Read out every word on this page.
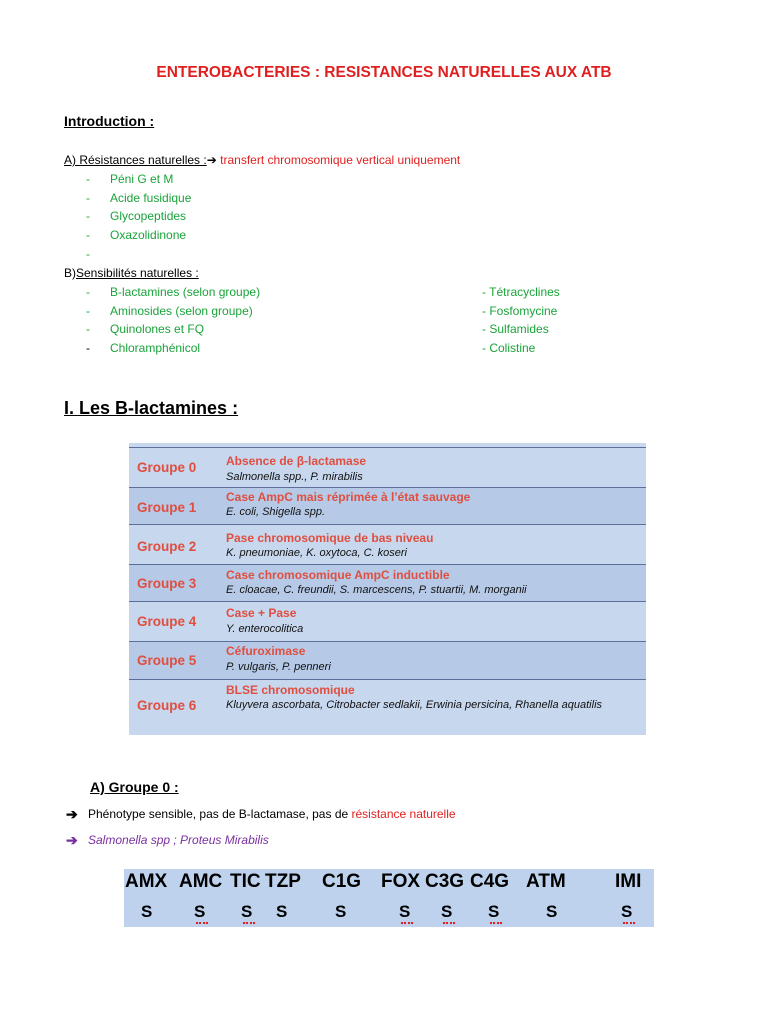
ENTEROBACTERIES : RESISTANCES NATURELLES AUX ATB
Introduction :
A) Résistances naturelles :➔ transfert chromosomique vertical uniquement
- Péni G et M
- Acide fusidique
- Glycopeptides
- Oxazolidinone
-
B)Sensibilités naturelles :
- B-lactamines (selon groupe)	- Tétracyclines
- Aminosides (selon groupe)	- Fosfomycine
- Quinolones et FQ	- Sulfamides
- Chloramphénicol	- Colistine
I. Les B-lactamines :
Groupe 0 Absence de β-lactamase
Salmonella spp., P. mirabilis
Groupe 1
Case AmpC mais réprimée à l’état sauvage
E. coli, Shigella spp.
Groupe 2
Pase chromosomique de bas niveau
K. pneumoniae, K. oxytoca, C. koseri
Groupe 3
Case chromosomique AmpC inductible
E. cloacae, C. freundii, S. marcescens, P. stuartii, M. morganii
Groupe 4
Case + Pase
Y. enterocolitica
Groupe 5
Céfuroximase
P. vulgaris, P. penneri
Groupe 6
BLSE chromosomique
Kluyvera ascorbata, Citrobacter sedlakii, Erwinia persicina, Rhanella aquatilis
A) Groupe 0 :
➔ Phénotype sensible, pas de B-lactamase, pas de résistance naturelle
➔ Salmonella spp ; Proteus Mirabilis
AMX AMC TIC TZP C1G FOX C3G C4G ATM	IMI
S S S S	S	S S S	S	S
